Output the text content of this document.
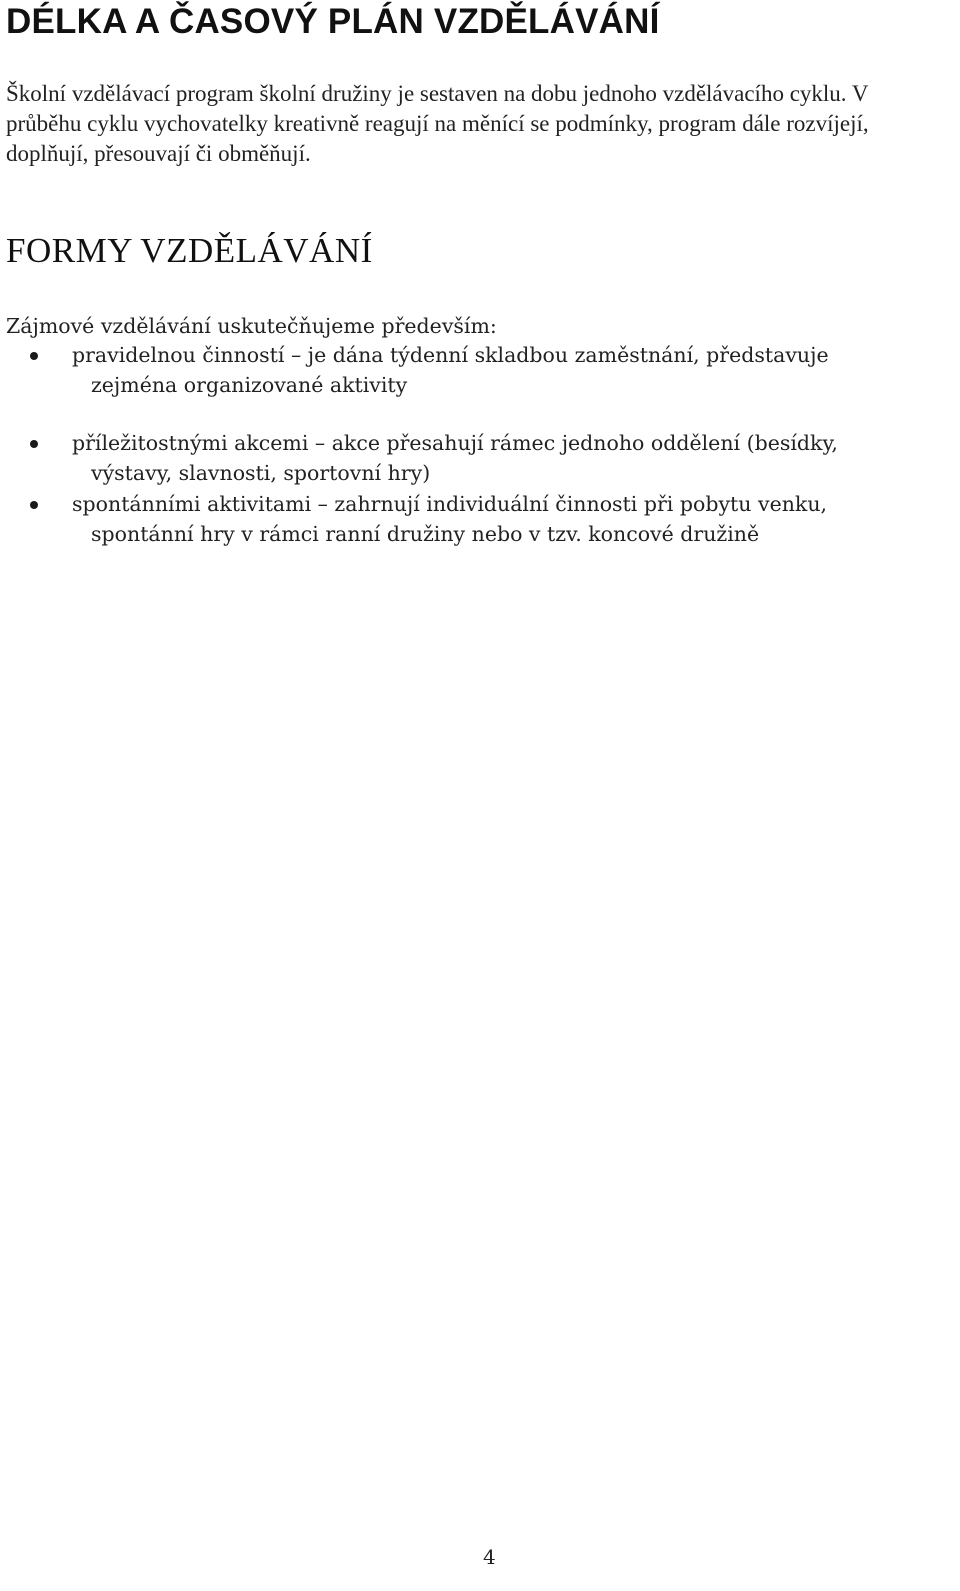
DÉLKA A ČASOVÝ PLÁN VZDĚLÁVÁNÍ

Školní vzdělávací program školní družiny je sestaven na dobu jednoho vzdělávacího cyklu. V průběhu cyklu vychovatelky kreativně reagují na měnící se podmínky, program dále rozvíjejí, doplňují, přesouvají či obměňují.

FORMY VZDĚLÁVÁNÍ

Zájmové vzdělávání uskutečňujeme především:

pravidelnou činností – je dána týdenní skladbou zaměstnání, představuje
zejména organizované aktivity
příležitostnými akcemi – akce přesahují rámec jednoho oddělení (besídky,
výstavy, slavnosti, sportovní hry)
spontánními aktivitami – zahrnují individuální činnosti při pobytu venku,
spontánní hry v rámci ranní družiny nebo v tzv. koncové družině
4
